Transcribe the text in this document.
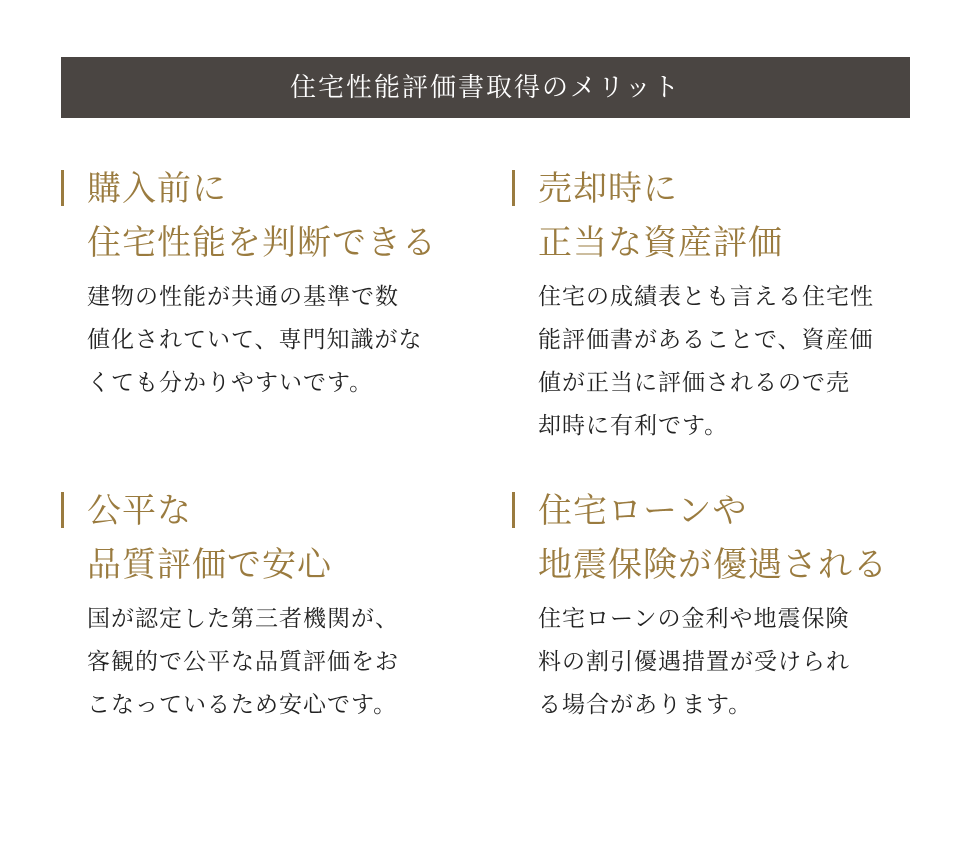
住宅性能評価書取得のメリット
購入前に
住宅性能を判断できる
建物の性能が共通の基準で数
値化されていて、専門知識がな
くても分かりやすいです。
売却時に
正当な資産評価
住宅の成績表とも言える住宅性
能評価書があることで、資産価
値が正当に評価されるので売
却時に有利です。
公平な
品質評価で安心
国が認定した第三者機関が、
客観的で公平な品質評価をお
こなっているため安心です。
住宅ローンや
地震保険が優遇される
住宅ローンの金利や地震保険
料の割引優遇措置が受けられ
る場合があります。
